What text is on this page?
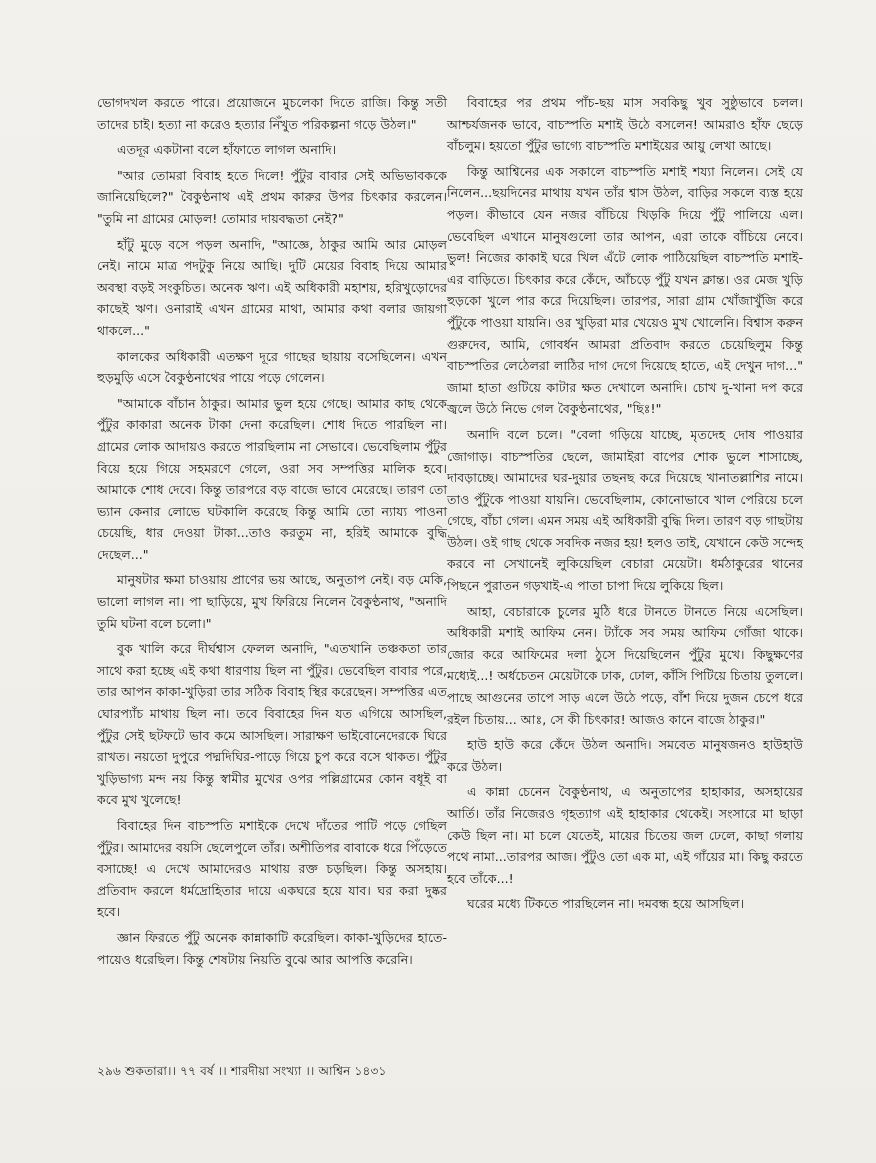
ভোগদখল করতে পারে। প্রয়োজনে মুচলেকা দিতে রাজি। কিন্তু সতী তাদের চাই। হত্যা না করেও হত্যার নিঁখুত পরিকল্পনা গড়ে উঠল।"

এতদূর একটানা বলে হাঁফাতে লাগল অনাদি।

"আর তোমরা বিবাহ হতে দিলে! পুঁটুর বাবার সেই অভিভাবককে জানিয়েছিলে?" বৈকুণ্ঠনাথ এই প্রথম কারুর উপর চিৎকার করলেন। "তুমি না গ্রামের মোড়ল! তোমার দায়বদ্ধতা নেই?"

হাঁটু মুড়ে বসে পড়ল অনাদি, "আজ্ঞে, ঠাকুর আমি আর মোড়ল নেই। নামে মাত্র পদটুকু নিয়ে আছি। দুটি মেয়ের বিবাহ দিয়ে আমার অবস্থা বড়ই সংকুচিত। অনেক ঋণ। এই অধিকারী মহাশয়, হরিখুড়োদের কাছেই ঋণ। ওনারাই এখন গ্রামের মাথা, আমার কথা বলার জায়গা থাকলে..."

কালকের অধিকারী এতক্ষণ দূরে গাছের ছায়ায় বসেছিলেন। এখন হুড়মুড়ি এসে বৈকুণ্ঠনাথের পায়ে পড়ে গেলেন।

"আমাকে বাঁচান ঠাকুর। আমার ভুল হয়ে গেছে। আমার কাছ থেকে পুঁটুর কাকারা অনেক টাকা দেনা করেছিল। শোধ দিতে পারছিল না। গ্রামের লোক আদায়ও করতে পারছিলাম না সেভাবে। ভেবেছিলাম পুঁটুর বিয়ে হয়ে গিয়ে সহমরণে গেলে, ওরা সব সম্পত্তির মালিক হবে। আমাকে শোধ দেবে। কিন্তু তারপরে বড় বাজে ভাবে মেরেছে। তারণ তো ভ্যান কেনার লোভে ঘটকালি করেছে কিন্তু আমি তো ন্যায্য পাওনা চেয়েছি, ধার দেওয়া টাকা...তাও করতুম না, হরিই আমাকে বুদ্ধি দেছেল..."

মানুষটার ক্ষমা চাওয়ায় প্রাণের ভয় আছে, অনুতাপ নেই। বড় মেকি, ভালো লাগল না। পা ছাড়িয়ে, মুখ ফিরিয়ে নিলেন বৈকুণ্ঠনাথ, "অনাদি তুমি ঘটনা বলে চলো।"

বুক খালি করে দীর্ঘশ্বাস ফেলল অনাদি, "এতখানি তঞ্চকতা তার সাথে করা হচ্ছে এই কথা ধারণায় ছিল না পুঁটুর। ভেবেছিল বাবার পরে, তার আপন কাকা-খুড়িরা তার সঠিক বিবাহ স্থির করেছেন। সম্পত্তির এত ঘোরপ্যাঁচ মাথায় ছিল না। তবে বিবাহের দিন যত এগিয়ে আসছিল, পুঁটুর সেই ছটফটে ভাব কমে আসছিল। সারাক্ষণ ভাইবোনেদেরকে ঘিরে রাখত। নয়তো দুপুরে পদ্মদিঘির-পাড়ে গিয়ে চুপ করে বসে থাকত। পুঁটুর খুড়িভাগ্য মন্দ নয় কিন্তু স্বামীর মুখের ওপর পল্লিগ্রামের কোন বধূই বা কবে মুখ খুলেছে!

বিবাহের দিন বাচস্পতি মশাইকে দেখে দাঁতের পাটি পড়ে গেছিল পুঁটুর। আমাদের বয়সি ছেলেপুলে তাঁর। অশীতিপর বাবাকে ধরে পিঁড়েতে বসাচ্ছে! এ দেখে আমাদেরও মাথায় রক্ত চড়ছিল। কিন্তু অসহায়। প্রতিবাদ করলে ধর্মদ্রোহিতার দায়ে একঘরে হয়ে যাব। ঘর করা দুষ্কর হবে।

জ্ঞান ফিরতে পুঁটু অনেক কান্নাকাটি করেছিল। কাকা-খুড়িদের হাতে-পায়েও ধরেছিল। কিন্তু শেষটায় নিয়তি বুঝে আর আপত্তি করেনি।

বিবাহের পর প্রথম পাঁচ-ছয় মাস সবকিছু খুব সুষ্ঠুভাবে চলল। আশ্চর্যজনক ভাবে, বাচস্পতি মশাই উঠে বসলেন! আমরাও হাঁফ ছেড়ে বাঁচলুম। হয়তো পুঁটুর ভাগ্যে বাচস্পতি মশাইয়ের আয়ু লেখা আছে।

কিন্তু আশ্বিনের এক সকালে বাচস্পতি মশাই শয্যা নিলেন। সেই যে নিলেন...ছয়দিনের মাথায় যখন তাঁর শ্বাস উঠল, বাড়ির সকলে ব্যস্ত হয়ে পড়ল। কীভাবে যেন নজর বাঁচিয়ে খিড়কি দিয়ে পুঁটু পালিয়ে এল। ভেবেছিল এখানে মানুষগুলো তার আপন, এরা তাকে বাঁচিয়ে নেবে। ভুল! নিজের কাকাই ঘরে খিল এঁটে লোক পাঠিয়েছিল বাচস্পতি মশাই-এর বাড়িতে। চিৎকার করে কেঁদে, আঁচড়ে পুঁটু যখন ক্লান্ত। ওর মেজ খুড়ি হুড়কো খুলে পার করে দিয়েছিল। তারপর, সারা গ্রাম খোঁজাখুঁজি করে পুঁটুকে পাওয়া যায়নি। ওর খুড়িরা মার খেয়েও মুখ খোলেনি। বিশ্বাস করুন গুরুদেব, আমি, গোবর্ধন আমরা প্রতিবাদ করতে চেয়েছিলুম কিন্তু বাচস্পতির লেঠেলরা লাঠির দাগ দেগে দিয়েছে হাতে, এই দেখুন দাগ..." জামা হাতা গুটিয়ে কাটার ক্ষত দেখালে অনাদি। চোখ দু-খানা দপ করে জ্বলে উঠে নিভে গেল বৈকুণ্ঠনাথের, "ছিঃ!"

অনাদি বলে চলে। "বেলা গড়িয়ে যাচ্ছে, মৃতদেহ দোষ পাওয়ার জোগাড়। বাচস্পতির ছেলে, জামাইরা বাপের শোক ভুলে শাসাচ্ছে, দাবড়াচ্ছে। আমাদের ঘর-দুয়ার তছনছ করে দিয়েছে খানাতল্লাশির নামে। তাও পুঁটুকে পাওয়া যায়নি। ভেবেছিলাম, কোনোভাবে খাল পেরিয়ে চলে গেছে, বাঁচা গেল। এমন সময় এই অধিকারী বুদ্ধি দিল। তারণ বড় গাছটায় উঠল। ওই গাছ থেকে সবদিক নজর হয়! হলও তাই, যেখানে কেউ সন্দেহ করবে না সেখানেই লুকিয়েছিল বেচারা মেয়েটা। ধর্মঠাকুরের থানের পিছনে পুরাতন গড়খাই-এ পাতা চাপা দিয়ে লুকিয়ে ছিল।

আহা, বেচারাকে চুলের মুঠি ধরে টানতে টানতে নিয়ে এসেছিল। অধিকারী মশাই আফিম নেন। ট্যাঁকে সব সময় আফিম গোঁজা থাকে। জোর করে আফিমের দলা ঠুসে দিয়েছিলেন পুঁটুর মুখে। কিছুক্ষণের মধ্যেই...! অর্ধচেতন মেয়েটাকে ঢাক, ঢোল, কাঁসি পিটিয়ে চিতায় তুললে। পাছে আগুনের তাপে সাড় এলে উঠে পড়ে, বাঁশ দিয়ে দুজন চেপে ধরে রইল চিতায়... আঃ, সে কী চিৎকার! আজও কানে বাজে ঠাকুর।"

হাউ হাউ করে কেঁদে উঠল অনাদি। সমবেত মানুষজনও হাউহাউ করে উঠল।

এ কান্না চেনেন বৈকুণ্ঠনাথ, এ অনুতাপের হাহাকার, অসহায়ের আর্তি। তাঁর নিজেরও গৃহত্যাগ এই হাহাকার থেকেই। সংসারে মা ছাড়া কেউ ছিল না। মা চলে যেতেই, মায়ের চিতেয় জল ঢেলে, কাছা গলায় পথে নামা...তারপর আজ। পুঁটুও তো এক মা, এই গাঁয়ের মা। কিছু করতে হবে তাঁকে...!

ঘরের মধ্যে টিকতে পারছিলেন না। দমবন্ধ হয়ে আসছিল।

২৯৬ শুকতারা।। ৭৭ বর্ষ ।। শারদীয়া সংখ্যা ।। আশ্বিন ১৪৩১
